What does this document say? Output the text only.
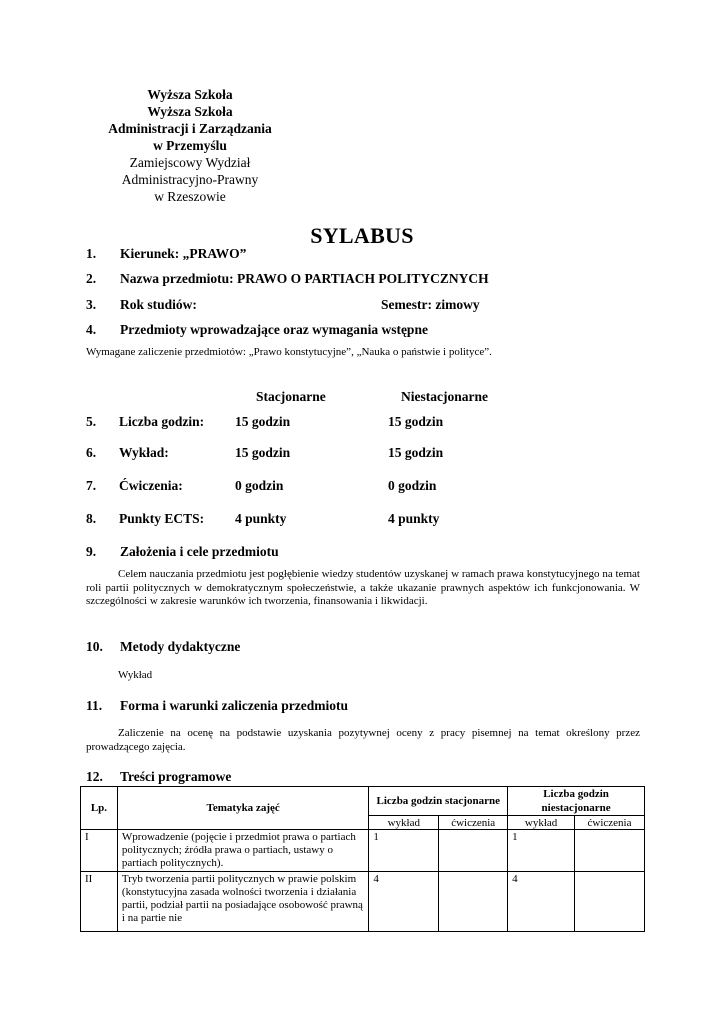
Wyższa Szkoła
Wyższa Szkoła
Administracji i Zarządzania
w Przemyślu
Zamiejscowy Wydział
Administracyjno-Prawny
w Rzeszowie
SYLABUS
1. Kierunek: „PRAWO”
2. Nazwa przedmiotu: PRAWO O PARTIACH POLITYCZNYCH
3. Rok studiów:	Semestr: zimowy
4. Przedmioty wprowadzające oraz wymagania wstępne
Wymagane zaliczenie przedmiotów: „Prawo konstytucyjne”, „Nauka o państwie i polityce”.
Stacjonarne	Niestacjonarne
5. Liczba godzin: 15 godzin	15 godzin
6. Wykład:	15 godzin	15 godzin
7. Ćwiczenia:	0 godzin	0 godzin
8. Punkty ECTS: 4 punkty	4 punkty
9. Założenia i cele przedmiotu
Celem nauczania przedmiotu jest pogłębienie wiedzy studentów uzyskanej w ramach prawa konstytucyjnego na temat roli partii politycznych w demokratycznym społeczeństwie, a także ukazanie prawnych aspektów ich funkcjonowania. W szczególności w zakresie warunków ich tworzenia, finansowania i likwidacji.
10. Metody dydaktyczne
Wykład
11. Forma i warunki zaliczenia przedmiotu
Zaliczenie na ocenę na podstawie uzyskania pozytywnej oceny z pracy pisemnej na temat określony przez prowadzącego zajęcia.
12. Treści programowe
Lp.	Tematyka zajęć	Liczba godzin stacjonarne		Liczba godzin niestacjonarne	
		wykład	ćwiczenia	wykład	ćwiczenia
I	Wprowadzenie (pojęcie i przedmiot prawa o partiach politycznych; źródła prawa o partiach, ustawy o partiach politycznych).	1		1	
II	Tryb tworzenia partii politycznych w prawie polskim (konstytucyjna zasada wolności tworzenia i działania partii, podział partii na posiadające osobowość prawną i na partie nie	4		4	
